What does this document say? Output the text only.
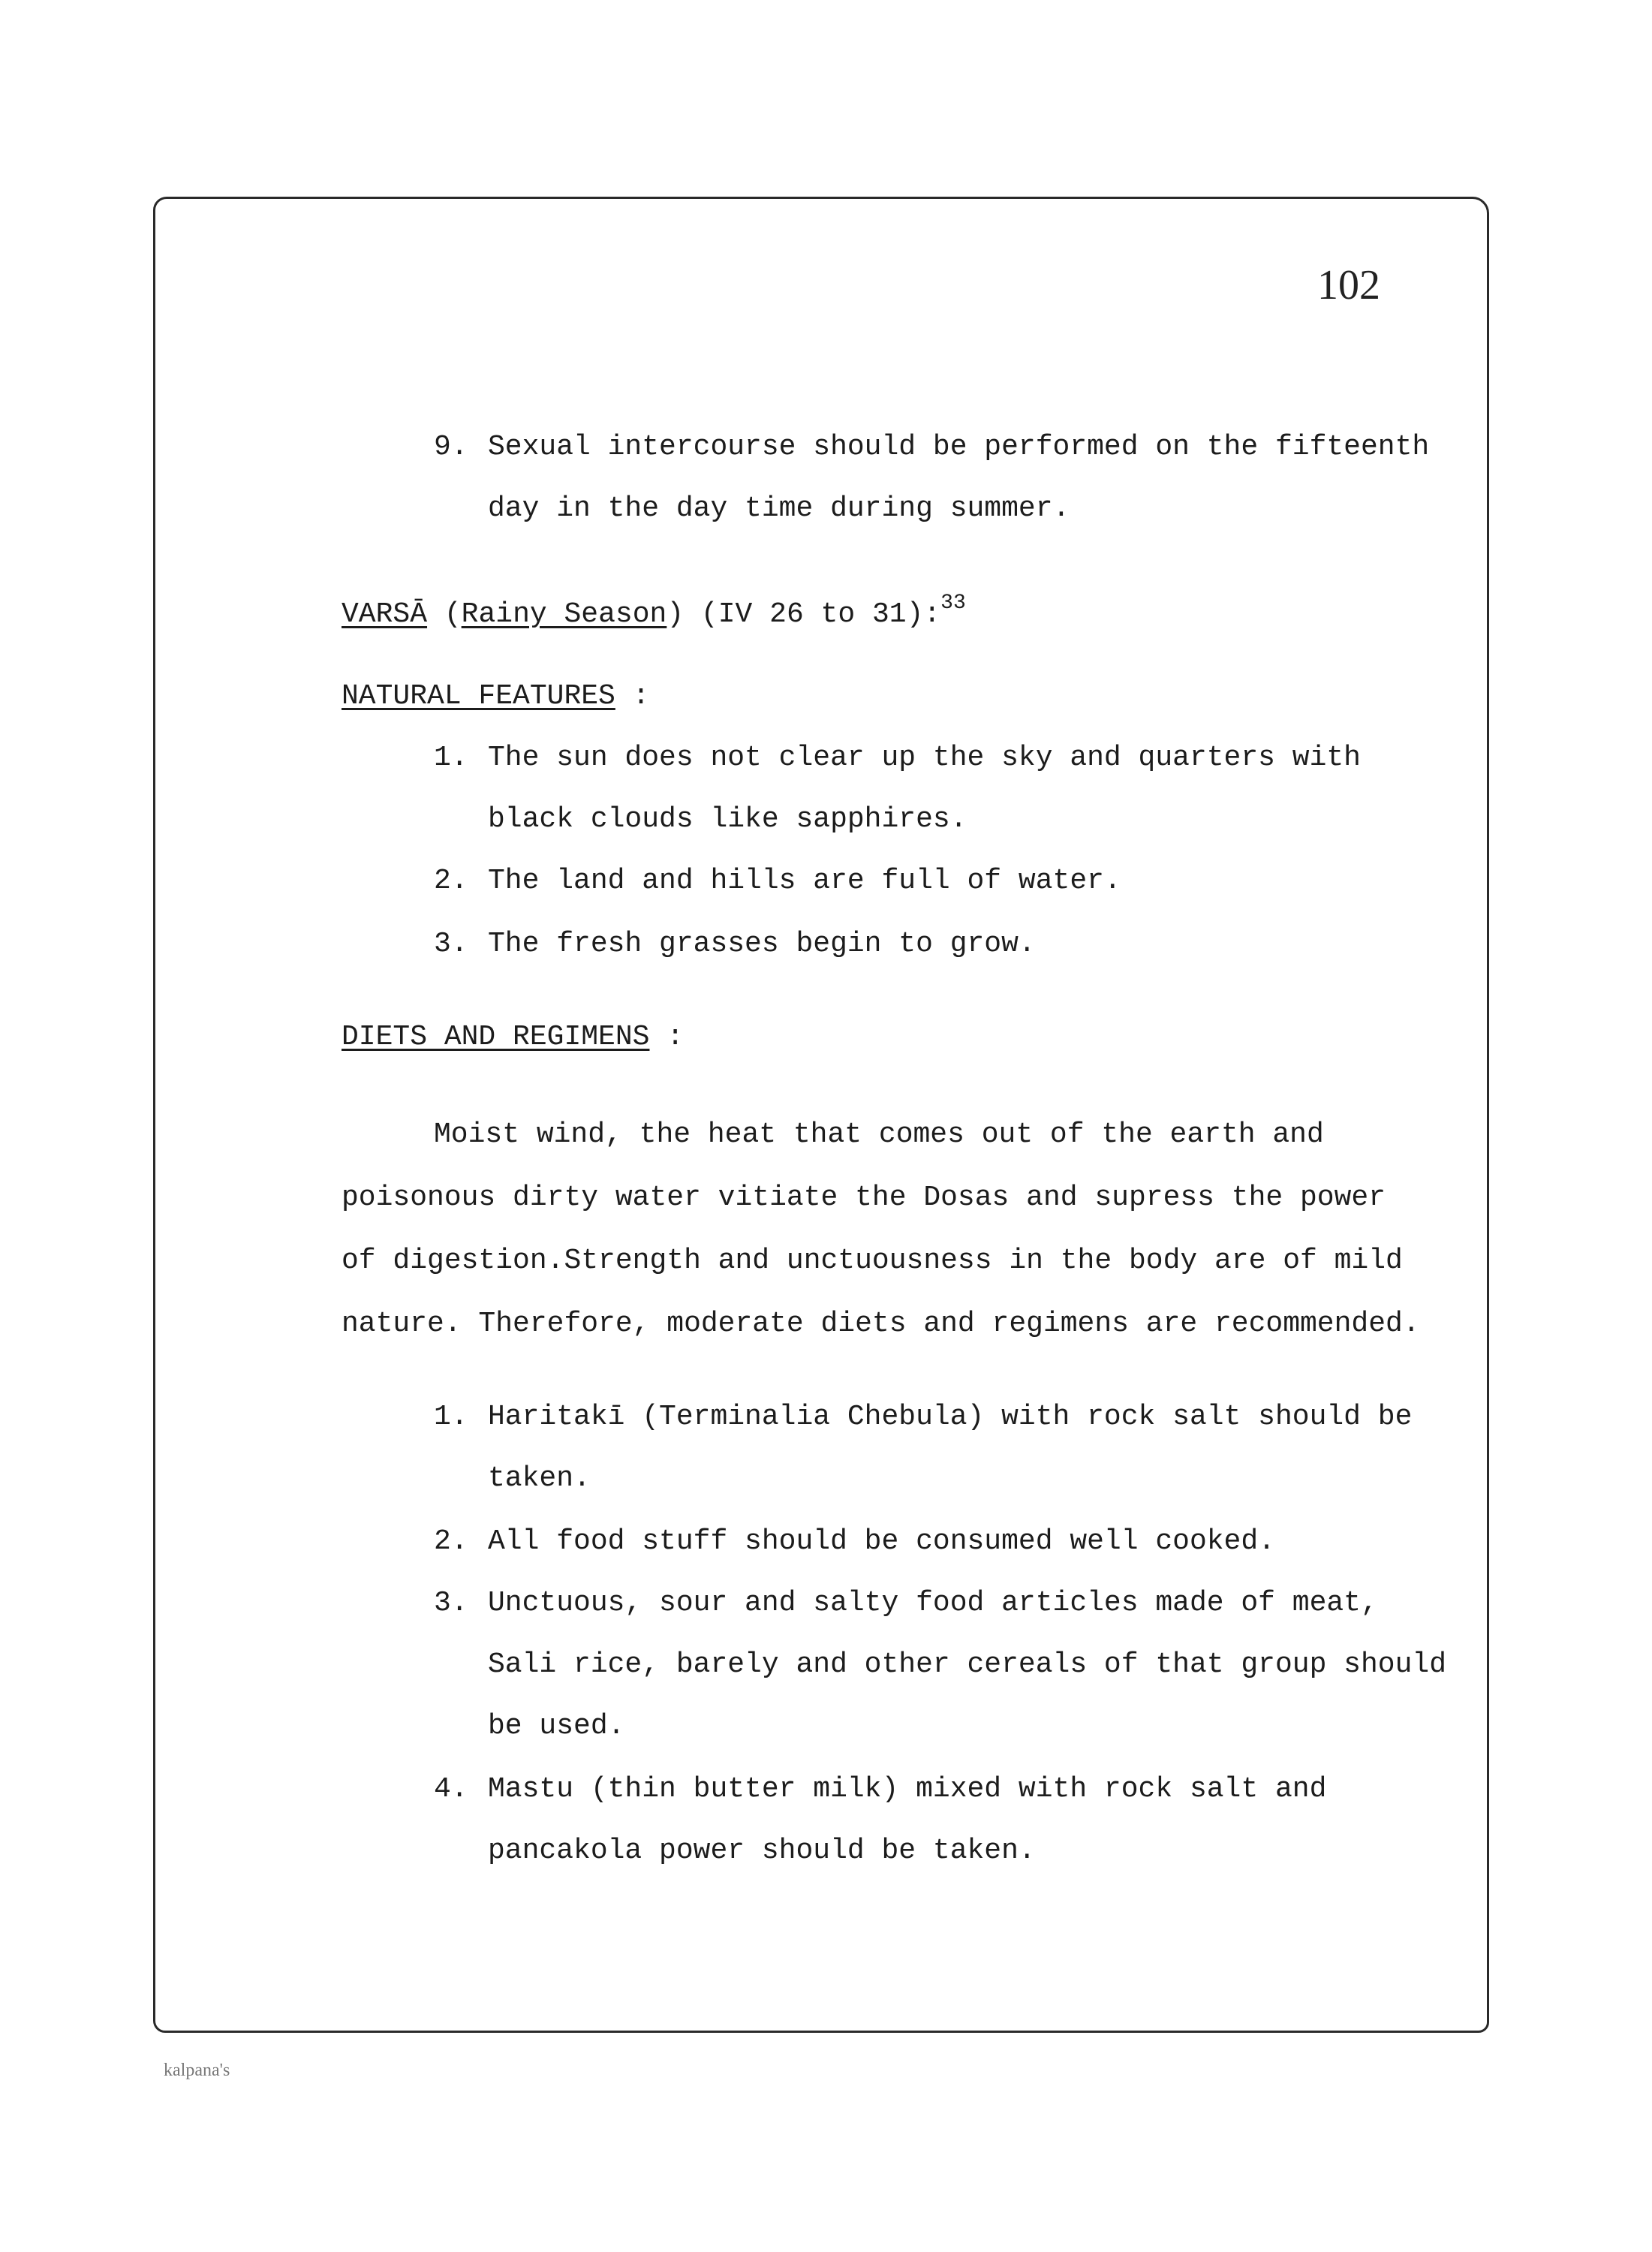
102
9. Sexual intercourse should be performed on the fifteenth
day in the day time during summer.
VARSĀ (Rainy Season) (IV 26 to 31):$^{33}$
NATURAL FEATURES :
1. The sun does not clear up the sky and quarters with
black clouds like sapphires.
2. The land and hills are full of water.
3. The fresh grasses begin to grow.
DIETS AND REGIMENS :
Moist wind, the heat that comes out of the earth and
poisonous dirty water vitiate the Dosas and supress the power
of digestion.Strength and unctuousness in the body are of mild
nature. Therefore, moderate diets and regimens are recommended.
1. Haritakī (Terminalia Chebula) with rock salt should be
taken.
2. All food stuff should be consumed well cooked.
3. Unctuous, sour and salty food articles made of meat,
Sali rice, barely and other cereals of that group should
be used.
4. Mastu (thin butter milk) mixed with rock salt and
pancakola power should be taken.
kalpana's
